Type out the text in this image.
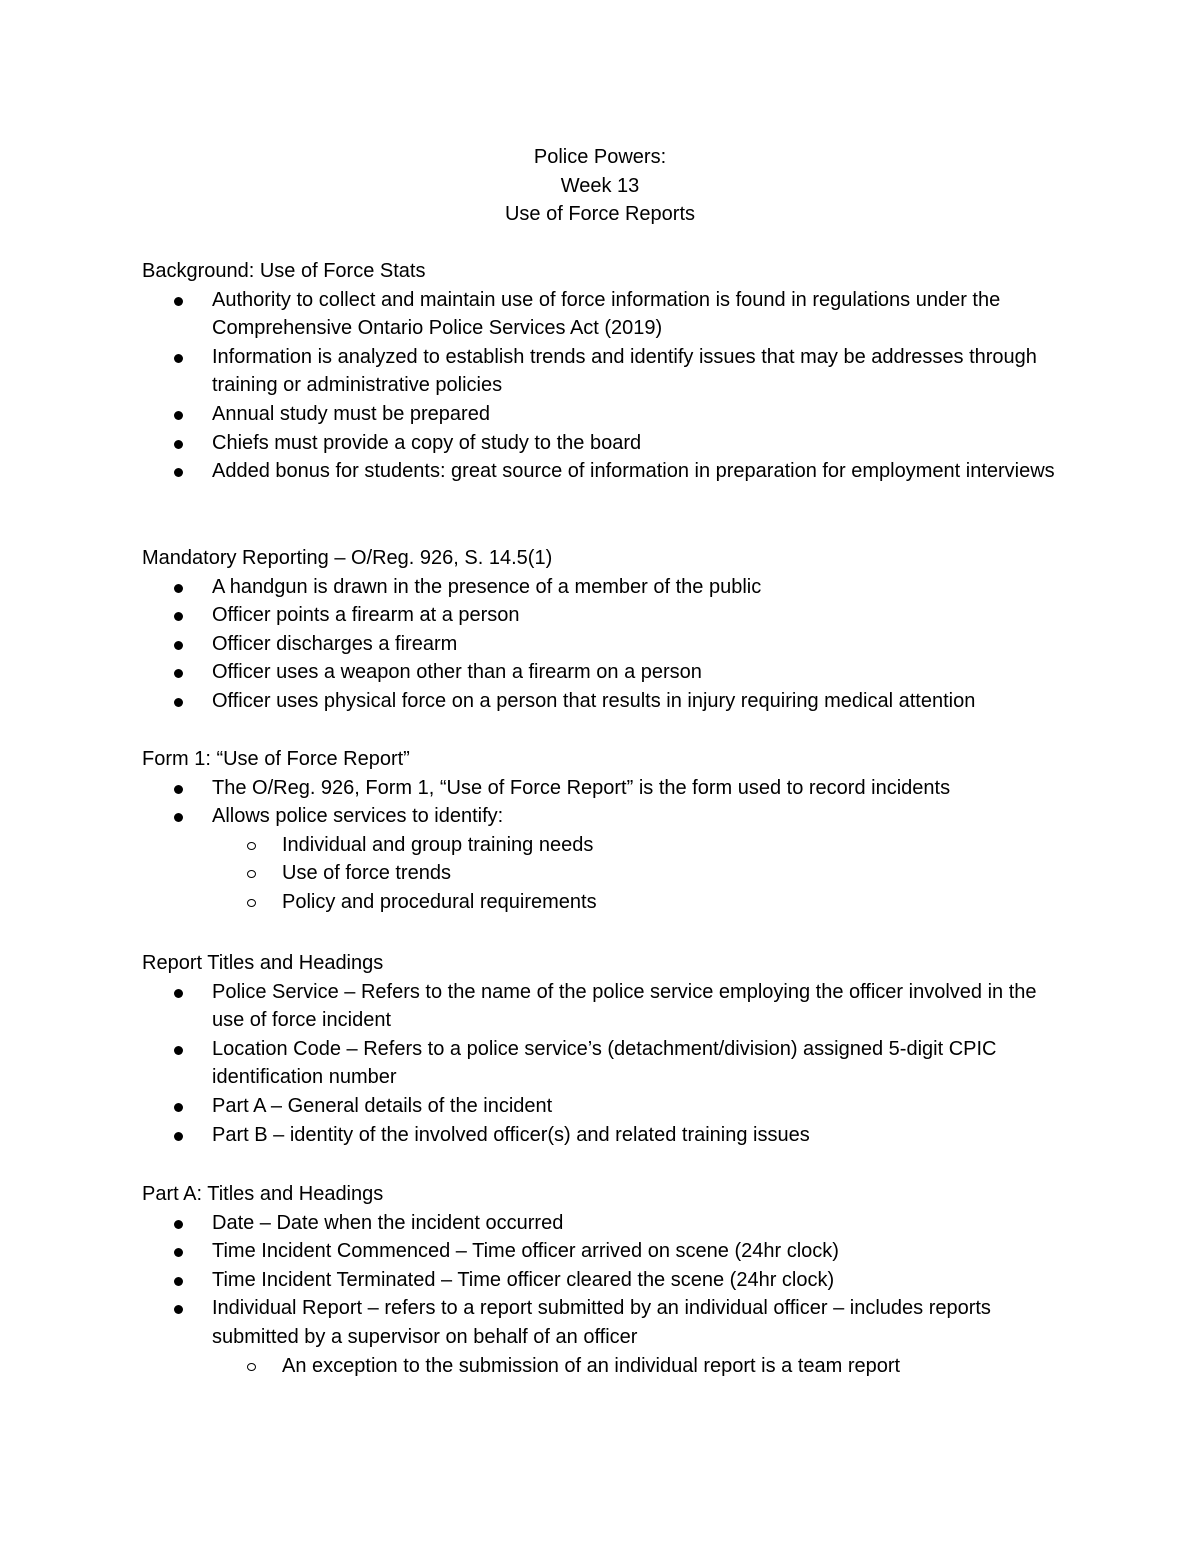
Police Powers:
Week 13
Use of Force Reports
Background: Use of Force Stats
Authority to collect and maintain use of force information is found in regulations under the Comprehensive Ontario Police Services Act (2019)
Information is analyzed to establish trends and identify issues that may be addresses through training or administrative policies
Annual study must be prepared
Chiefs must provide a copy of study to the board
Added bonus for students: great source of information in preparation for employment interviews
Mandatory Reporting – O/Reg. 926, S. 14.5(1)
A handgun is drawn in the presence of a member of the public
Officer points a firearm at a person
Officer discharges a firearm
Officer uses a weapon other than a firearm on a person
Officer uses physical force on a person that results in injury requiring medical attention
Form 1: “Use of Force Report”
The O/Reg. 926, Form 1, “Use of Force Report” is the form used to record incidents
Allows police services to identify:
Individual and group training needs
Use of force trends
Policy and procedural requirements
Report Titles and Headings
Police Service – Refers to the name of the police service employing the officer involved in the use of force incident
Location Code – Refers to a police service’s (detachment/division) assigned 5-digit CPIC identification number
Part A – General details of the incident
Part B – identity of the involved officer(s) and related training issues
Part A: Titles and Headings
Date – Date when the incident occurred
Time Incident Commenced – Time officer arrived on scene (24hr clock)
Time Incident Terminated – Time officer cleared the scene (24hr clock)
Individual Report – refers to a report submitted by an individual officer – includes reports submitted by a supervisor on behalf of an officer
An exception to the submission of an individual report is a team report
